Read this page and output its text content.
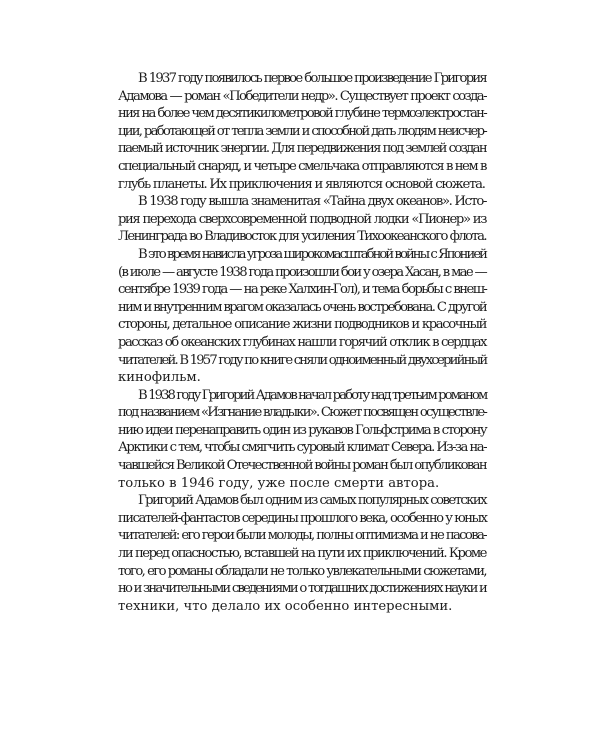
В 1937 году появилось первое большое произведение Григория
Адамова — роман «Победители недр». Существует проект созда-
ния на более чем десятикилометровой глубине термоэлектростан-
ции, работающей от тепла земли и способной дать людям неисчер-
паемый источник энергии. Для передвижения под землей создан
специальный снаряд, и четыре смельчака отправляются в нем в
глубь планеты. Их приключения и являются основой сюжета.
В 1938 году вышла знаменитая «Тайна двух океанов». Исто-
рия перехода сверхсовременной подводной лодки «Пионер» из
Ленинграда во Владивосток для усиления Тихоокеанского флота.
В это время нависла угроза широкомасштабной войны с Японией
(в июле — августе 1938 года произошли бои у озера Хасан, в мае —
сентябре 1939 года — на реке Халхин-Гол), и тема борьбы с внеш-
ним и внутренним врагом оказалась очень востребована. С другой
стороны, детальное описание жизни подводников и красочный
рассказ об океанских глубинах нашли горячий отклик в сердцах
читателей. В 1957 году по книге сняли одноименный двухсерийный
кинофильм.
В 1938 году Григорий Адамов начал работу над третьим романом
под названием «Изгнание владыки». Сюжет посвящен осуществле-
нию идеи перенаправить один из рукавов Гольфстрима в сторону
Арктики с тем, чтобы смягчить суровый климат Севера. Из-за на-
чавшейся Великой Отечественной войны роман был опубликован
только в 1946 году, уже после смерти автора.
Григорий Адамов был одним из самых популярных советских
писателей-фантастов середины прошлого века, особенно у юных
читателей: его герои были молоды, полны оптимизма и не пасова-
ли перед опасностью, вставшей на пути их приключений. Кроме
того, его романы обладали не только увлекательными сюжетами,
но и значительными сведениями о тогдашних достижениях науки и
техники, что делало их особенно интересными.
